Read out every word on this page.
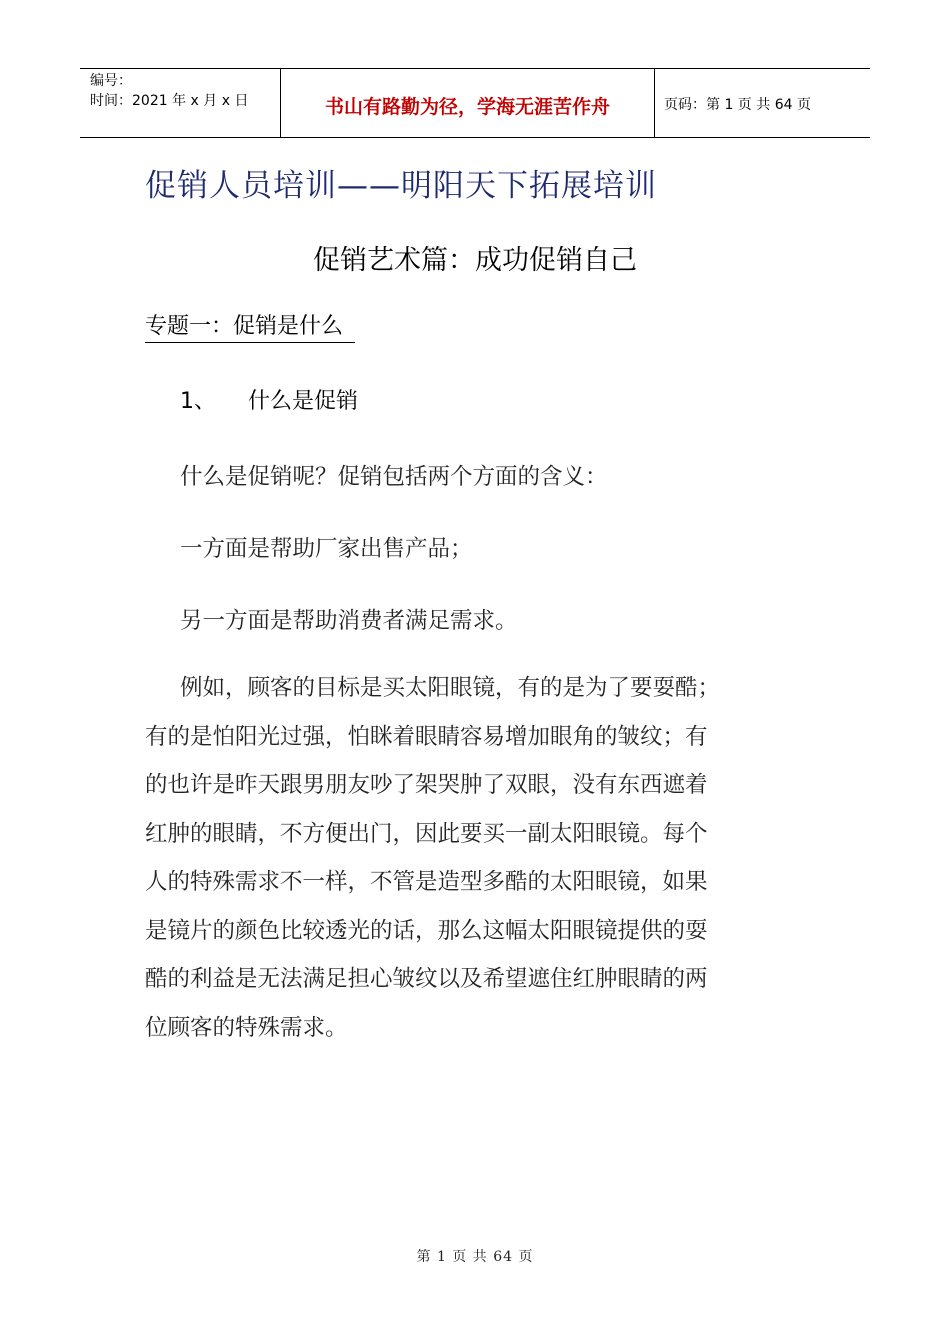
编号：
时间：2021 年 x 月 x 日	书山有路勤为径，学海无涯苦作舟	页码：第 1 页 共 64 页
促销人员培训——明阳天下拓展培训
促销艺术篇：成功促销自己
专题一：促销是什么
1、 什么是促销
什么是促销呢？促销包括两个方面的含义：
一方面是帮助厂家出售产品；
另一方面是帮助消费者满足需求。
例如，顾客的目标是买太阳眼镜，有的是为了要耍酷；
有的是怕阳光过强，怕眯着眼睛容易增加眼角的皱纹；有
的也许是昨天跟男朋友吵了架哭肿了双眼，没有东西遮着
红肿的眼睛，不方便出门，因此要买一副太阳眼镜。每个
人的特殊需求不一样，不管是造型多酷的太阳眼镜，如果
是镜片的颜色比较透光的话，那么这幅太阳眼镜提供的耍
酷的利益是无法满足担心皱纹以及希望遮住红肿眼睛的两
位顾客的特殊需求。
第 1 页 共 64 页
